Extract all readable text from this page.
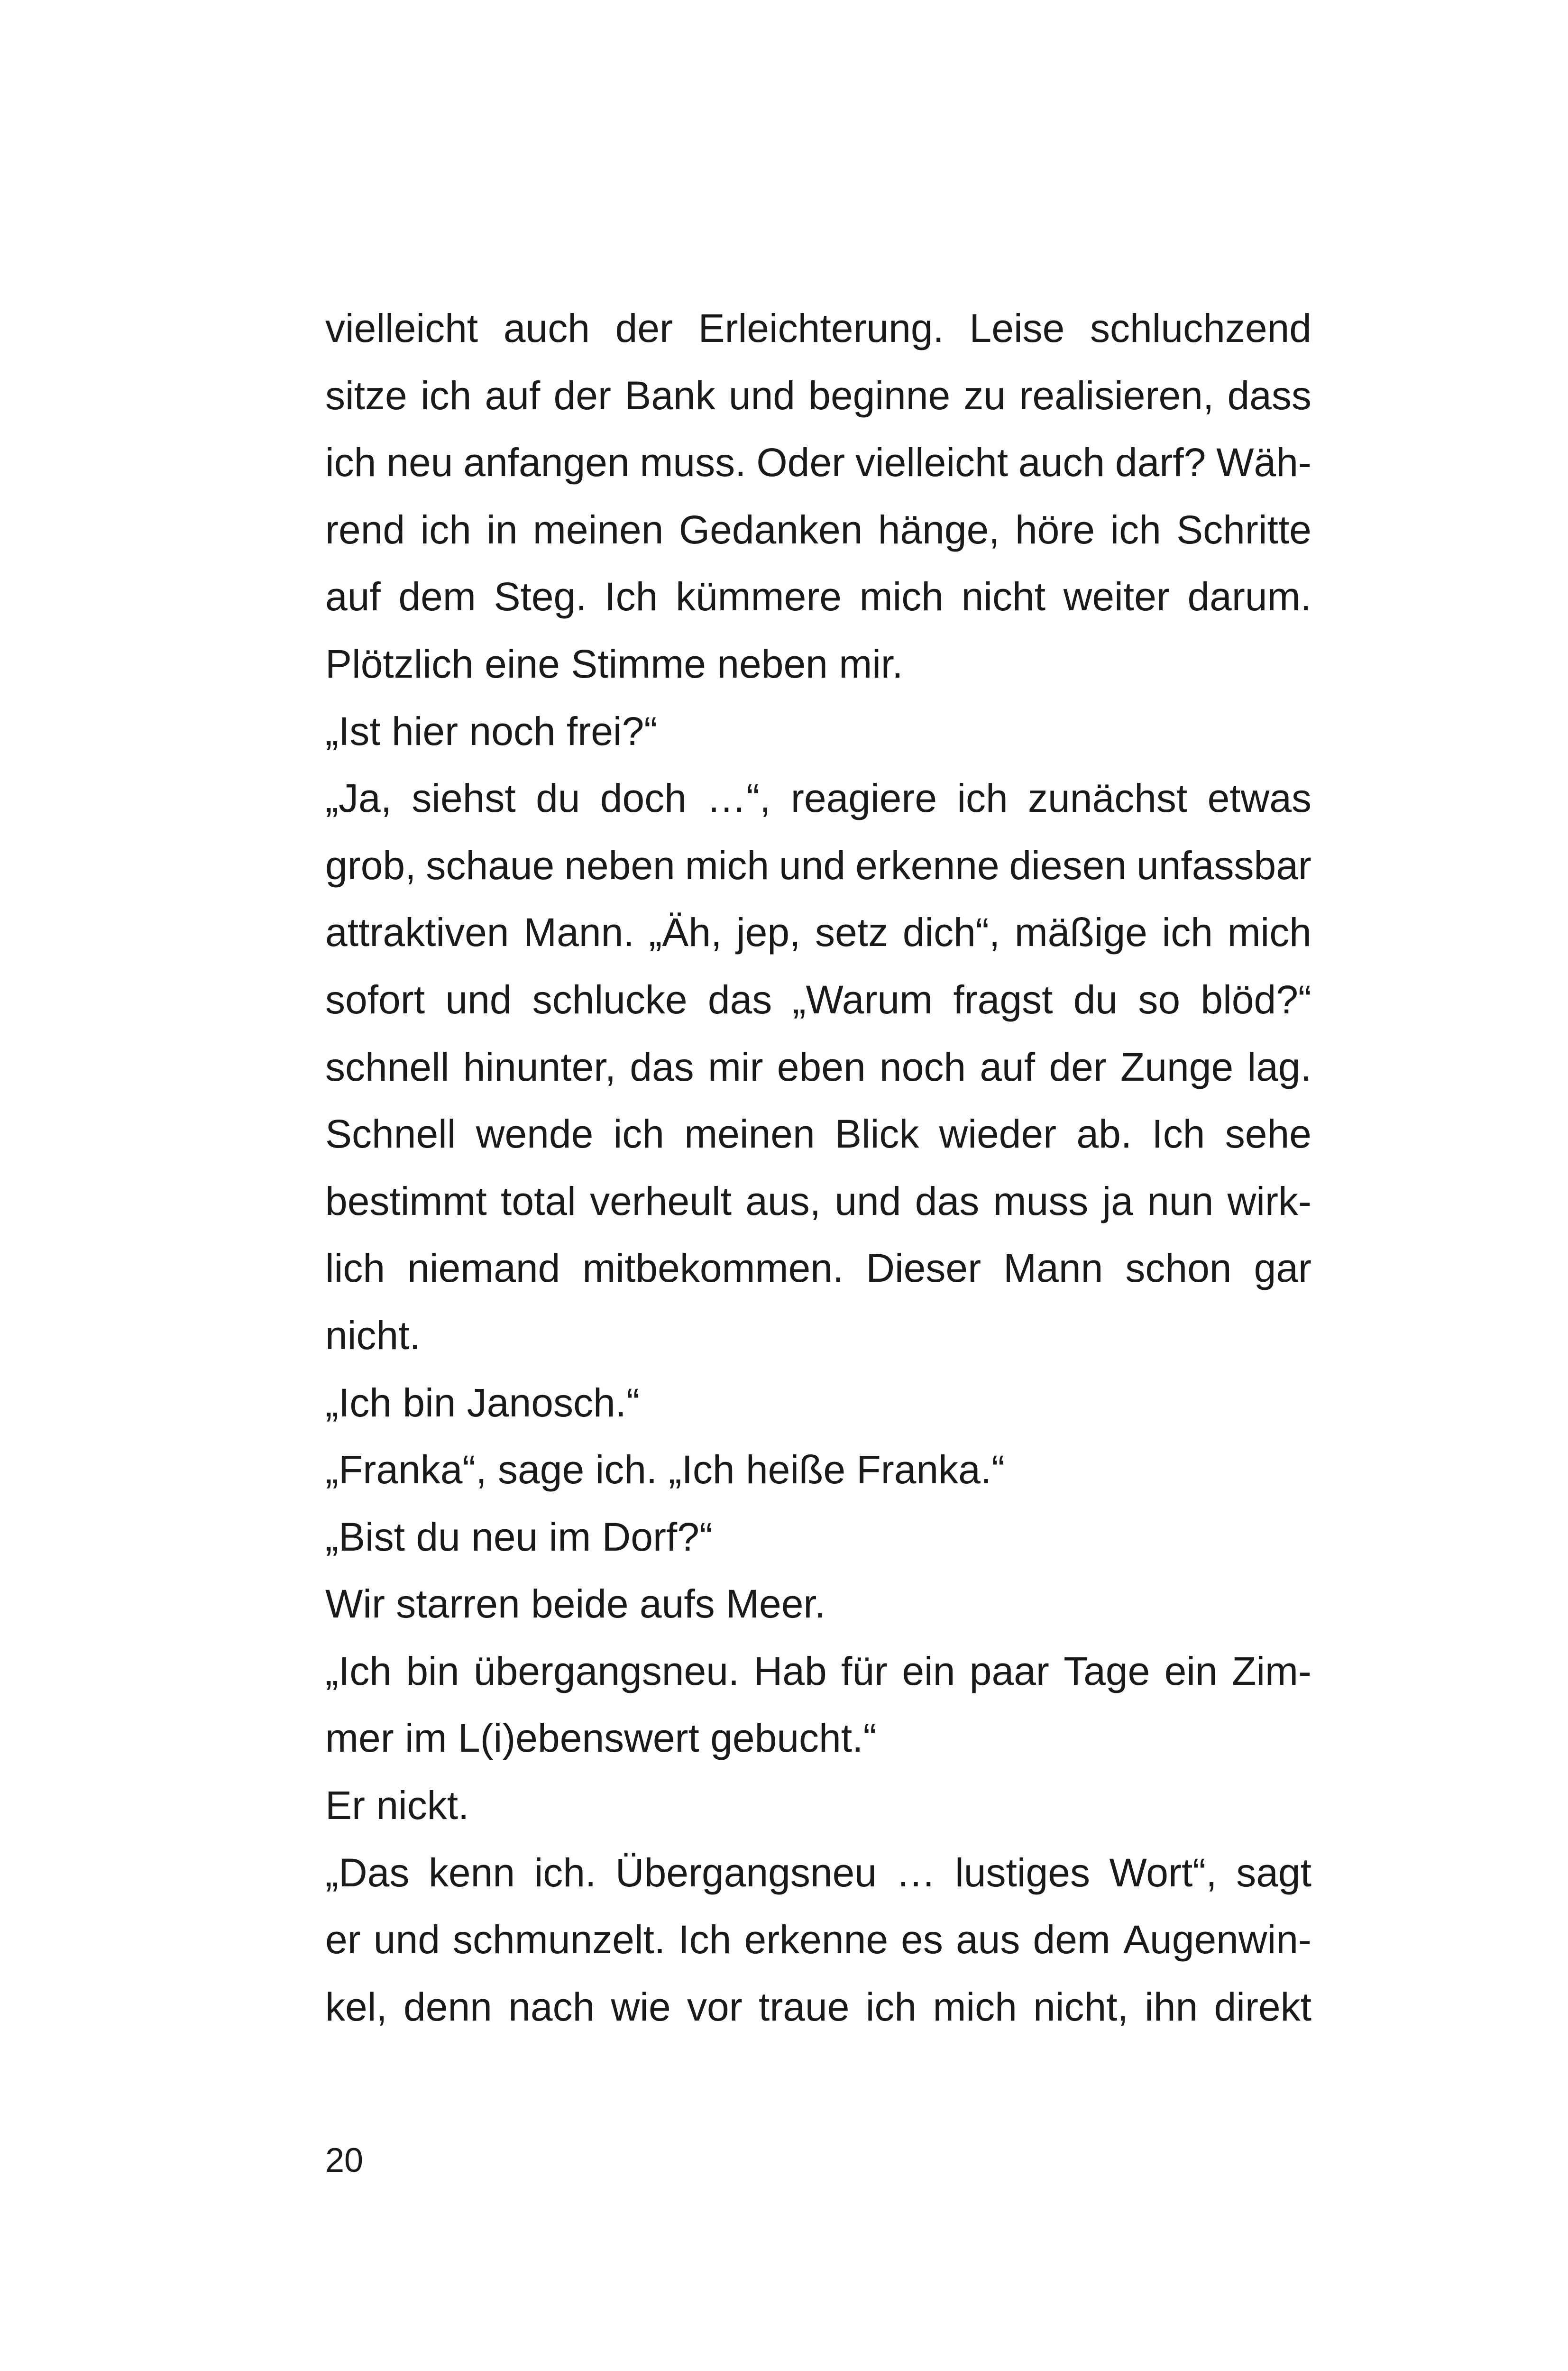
vielleicht auch der Erleichterung. Leise schluchzend
sitze ich auf der Bank und beginne zu realisieren, dass
ich neu anfangen muss. Oder vielleicht auch darf? Wäh-
rend ich in meinen Gedanken hänge, höre ich Schritte
auf dem Steg. Ich kümmere mich nicht weiter darum.
Plötzlich eine Stimme neben mir.
„Ist hier noch frei?“
„Ja, siehst du doch …“, reagiere ich zunächst etwas
grob, schaue neben mich und erkenne diesen unfassbar
attraktiven Mann. „Äh, jep, setz dich“, mäßige ich mich
sofort und schlucke das „Warum fragst du so blöd?“
schnell hinunter, das mir eben noch auf der Zunge lag.
Schnell wende ich meinen Blick wieder ab. Ich sehe
bestimmt total verheult aus, und das muss ja nun wirk-
lich niemand mitbekommen. Dieser Mann schon gar
nicht.
„Ich bin Janosch.“
„Franka“, sage ich. „Ich heiße Franka.“
„Bist du neu im Dorf?“
Wir starren beide aufs Meer.
„Ich bin übergangsneu. Hab für ein paar Tage ein Zim-
mer im L(i)ebenswert gebucht.“
Er nickt.
„Das kenn ich. Übergangsneu … lustiges Wort“, sagt
er und schmunzelt. Ich erkenne es aus dem Augenwin-
kel, denn nach wie vor traue ich mich nicht, ihn direkt
20
